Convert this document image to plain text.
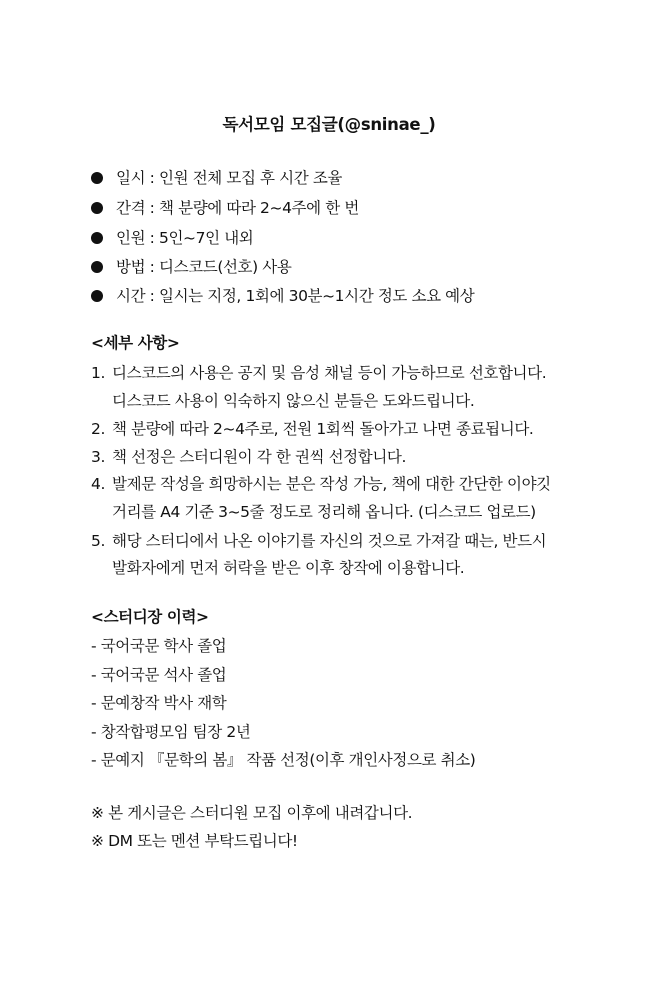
독서모임 모집글(@sninae_)
일시 : 인원 전체 모집 후 시간 조율
간격 : 책 분량에 따라 2~4주에 한 번
인원 : 5인~7인 내외
방법 : 디스코드(선호) 사용
시간 : 일시는 지정, 1회에 30분~1시간 정도 소요 예상
<세부 사항>
1. 디스코드의 사용은 공지 및 음성 채널 등이 가능하므로 선호합니다.
디스코드 사용이 익숙하지 않으신 분들은 도와드립니다.
2. 책 분량에 따라 2~4주로, 전원 1회씩 돌아가고 나면 종료됩니다.
3. 책 선정은 스터디원이 각 한 권씩 선정합니다.
4. 발제문 작성을 희망하시는 분은 작성 가능, 책에 대한 간단한 이야깃
거리를 A4 기준 3~5줄 정도로 정리해 옵니다. (디스코드 업로드)
5. 해당 스터디에서 나온 이야기를 자신의 것으로 가져갈 때는, 반드시
발화자에게 먼저 허락을 받은 이후 창작에 이용합니다.
<스터디장 이력>
- 국어국문 학사 졸업
- 국어국문 석사 졸업
- 문예창작 박사 재학
- 창작합평모임 팀장 2년
- 문예지 『문학의 봄』 작품 선정(이후 개인사정으로 취소)
※ 본 게시글은 스터디원 모집 이후에 내려갑니다.
※ DM 또는 멘션 부탁드립니다!
